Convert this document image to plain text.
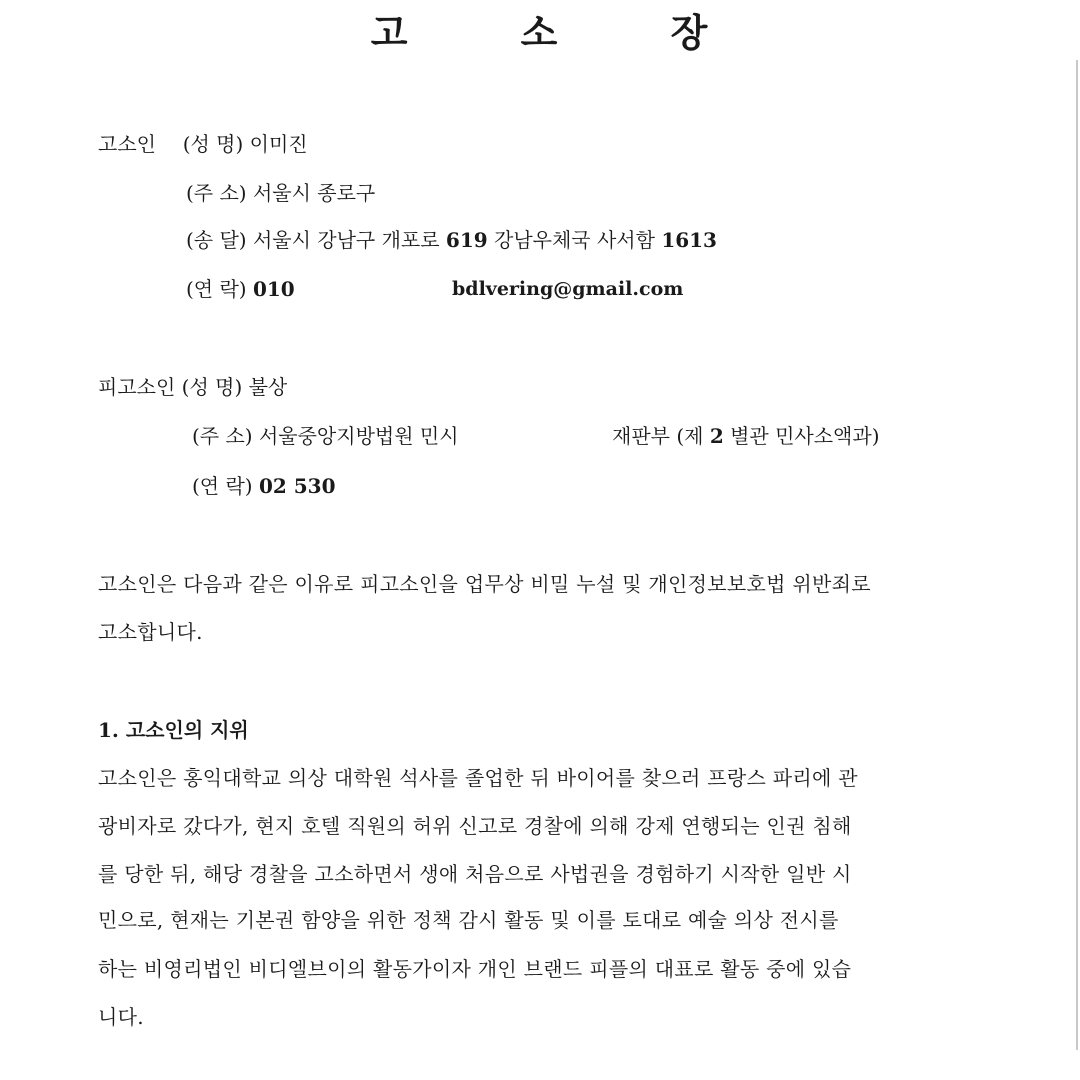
고	소	장
고소인 (성 명) 이미진
(주 소) 서울시 종로구
(송 달) 서울시 강남구 개포로 619 강남우체국 사서함 1613
(연 락) 010	bdlvering@gmail.com
피고소인 (성 명) 불상
(주 소) 서울중앙지방법원 민시	재판부 (제 2 별관 민사소액과)
(연 락) 02 530
고소인은 다음과 같은 이유로 피고소인을 업무상 비밀 누설 및 개인정보보호법 위반죄로
고소합니다.
1. 고소인의 지위
고소인은 홍익대학교 의상 대학원 석사를 졸업한 뒤 바이어를 찾으러 프랑스 파리에 관
광비자로 갔다가, 현지 호텔 직원의 허위 신고로 경찰에 의해 강제 연행되는 인권 침해
를 당한 뒤, 해당 경찰을 고소하면서 생애 처음으로 사법권을 경험하기 시작한 일반 시
민으로, 현재는 기본권 함양을 위한 정책 감시 활동 및 이를 토대로 예술 의상 전시를
하는 비영리법인 비디엘브이의 활동가이자 개인 브랜드 피플의 대표로 활동 중에 있습
니다.
